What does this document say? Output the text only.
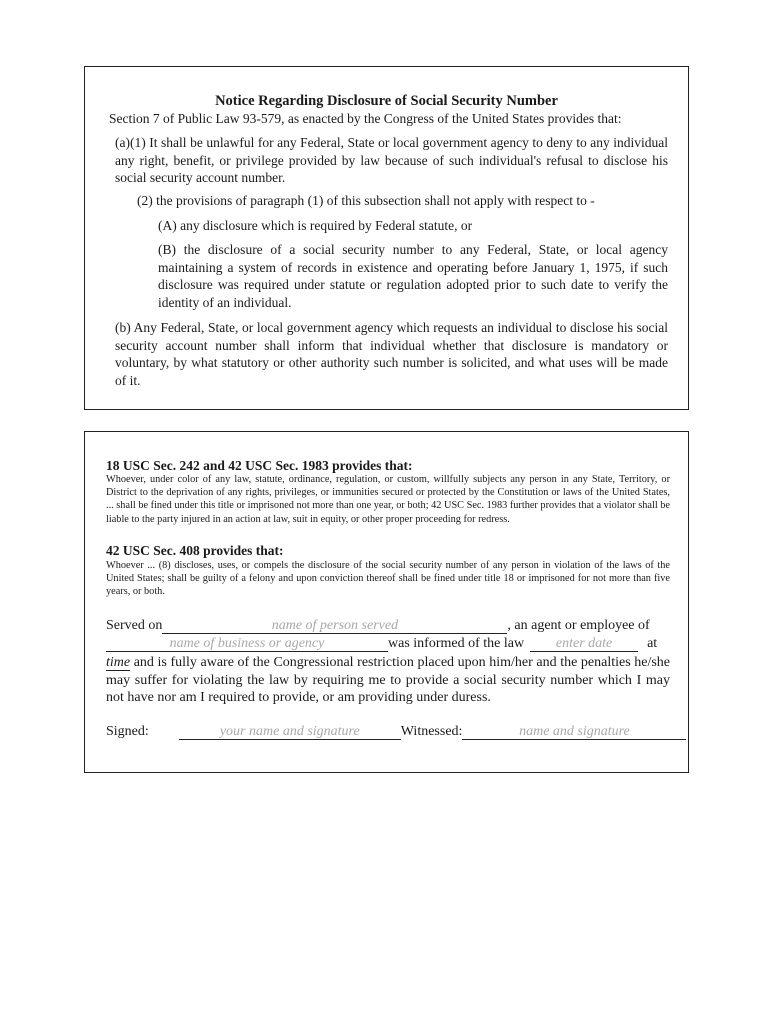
Notice Regarding Disclosure of Social Security Number

Section 7 of Public Law 93-579, as enacted by the Congress of the United States provides that:

(a)(1) It shall be unlawful for any Federal, State or local government agency to deny to any individual any right, benefit, or privilege provided by law because of such individual's refusal to disclose his social security account number.

(2) the provisions of paragraph (1) of this subsection shall not apply with respect to -

(A) any disclosure which is required by Federal statute, or

(B) the disclosure of a social security number to any Federal, State, or local agency maintaining a system of records in existence and operating before January 1, 1975, if such disclosure was required under statute or regulation adopted prior to such date to verify the identity of an individual.

(b) Any Federal, State, or local government agency which requests an individual to disclose his social security account number shall inform that individual whether that disclosure is mandatory or voluntary, by what statutory or other authority such number is solicited, and what uses will be made of it.

18 USC Sec. 242 and 42 USC Sec. 1983 provides that:

Whoever, under color of any law, statute, ordinance, regulation, or custom, willfully subjects any person in any State, Territory, or District to the deprivation of any rights, privileges, or immunities secured or protected by the Constitution or laws of the United States, ... shall be fined under this title or imprisoned not more than one year, or both; 42 USC Sec. 1983 further provides that a violator shall be liable to the party injured in an action at law, suit in equity, or other proper proceeding for redress.

42 USC Sec. 408 provides that:

Whoever ... (8) discloses, uses, or compels the disclosure of the social security number of any person in violation of the laws of the United States; shall be guilty of a felony and upon conviction thereof shall be fined under title 18 or imprisoned for not more than five years, or both.

Served on	name of person served	, an agent or employee of
name of business or agency	was informed of the law enter date at

time and is fully aware of the Congressional restriction placed upon him/her and the penalties he/she may suffer for violating the law by requiring me to provide a social security number which I may not have nor am I required to provide, or am providing under duress.

Signed:	your name and signature	Witnessed:	name and signature
